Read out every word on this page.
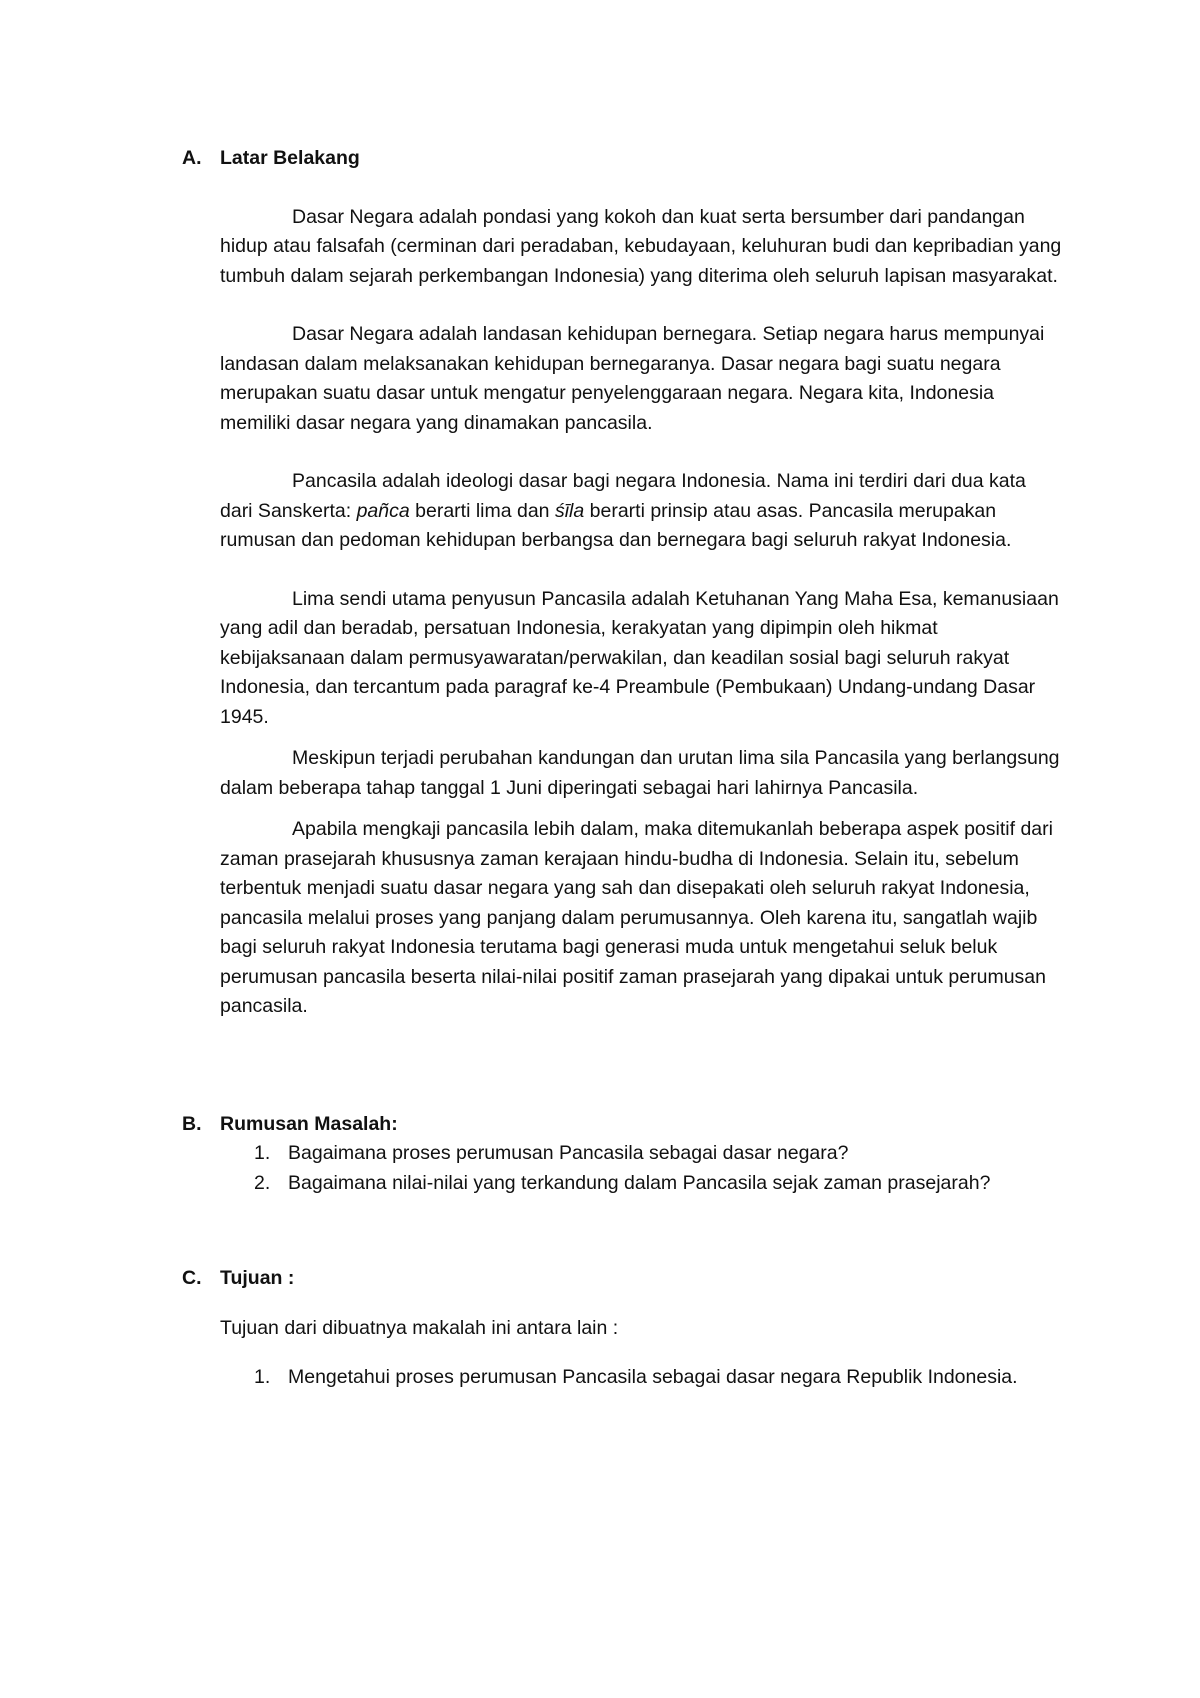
A. Latar Belakang

Dasar Negara adalah pondasi yang kokoh dan kuat serta bersumber dari pandangan hidup atau falsafah (cerminan dari peradaban, kebudayaan, keluhuran budi dan kepribadian yang tumbuh dalam sejarah perkembangan Indonesia) yang diterima oleh seluruh lapisan masyarakat.

Dasar Negara adalah landasan kehidupan bernegara. Setiap negara harus mempunyai landasan dalam melaksanakan kehidupan bernegaranya. Dasar negara bagi suatu negara merupakan suatu dasar untuk mengatur penyelenggaraan negara. Negara kita, Indonesia memiliki dasar negara yang dinamakan pancasila.

Pancasila adalah ideologi dasar bagi negara Indonesia. Nama ini terdiri dari dua kata dari Sanskerta: pañca berarti lima dan śīla berarti prinsip atau asas. Pancasila merupakan rumusan dan pedoman kehidupan berbangsa dan bernegara bagi seluruh rakyat Indonesia.

Lima sendi utama penyusun Pancasila adalah Ketuhanan Yang Maha Esa, kemanusiaan yang adil dan beradab, persatuan Indonesia, kerakyatan yang dipimpin oleh hikmat kebijaksanaan dalam permusyawaratan/perwakilan, dan keadilan sosial bagi seluruh rakyat Indonesia, dan tercantum pada paragraf ke-4 Preambule (Pembukaan) Undang-undang Dasar 1945.

Meskipun terjadi perubahan kandungan dan urutan lima sila Pancasila yang berlangsung dalam beberapa tahap tanggal 1 Juni diperingati sebagai hari lahirnya Pancasila.

Apabila mengkaji pancasila lebih dalam, maka ditemukanlah beberapa aspek positif dari zaman prasejarah khususnya zaman kerajaan hindu-budha di Indonesia. Selain itu, sebelum terbentuk menjadi suatu dasar negara yang sah dan disepakati oleh seluruh rakyat Indonesia, pancasila melalui proses yang panjang dalam perumusannya. Oleh karena itu, sangatlah wajib bagi seluruh rakyat Indonesia terutama bagi generasi muda untuk mengetahui seluk beluk perumusan pancasila beserta nilai-nilai positif zaman prasejarah yang dipakai untuk perumusan pancasila.

B. Rumusan Masalah:
1. Bagaimana proses perumusan Pancasila sebagai dasar negara?
2. Bagaimana nilai-nilai yang terkandung dalam Pancasila sejak zaman prasejarah?
C. Tujuan :

Tujuan dari dibuatnya makalah ini antara lain :

1. Mengetahui proses perumusan Pancasila sebagai dasar negara Republik Indonesia.
